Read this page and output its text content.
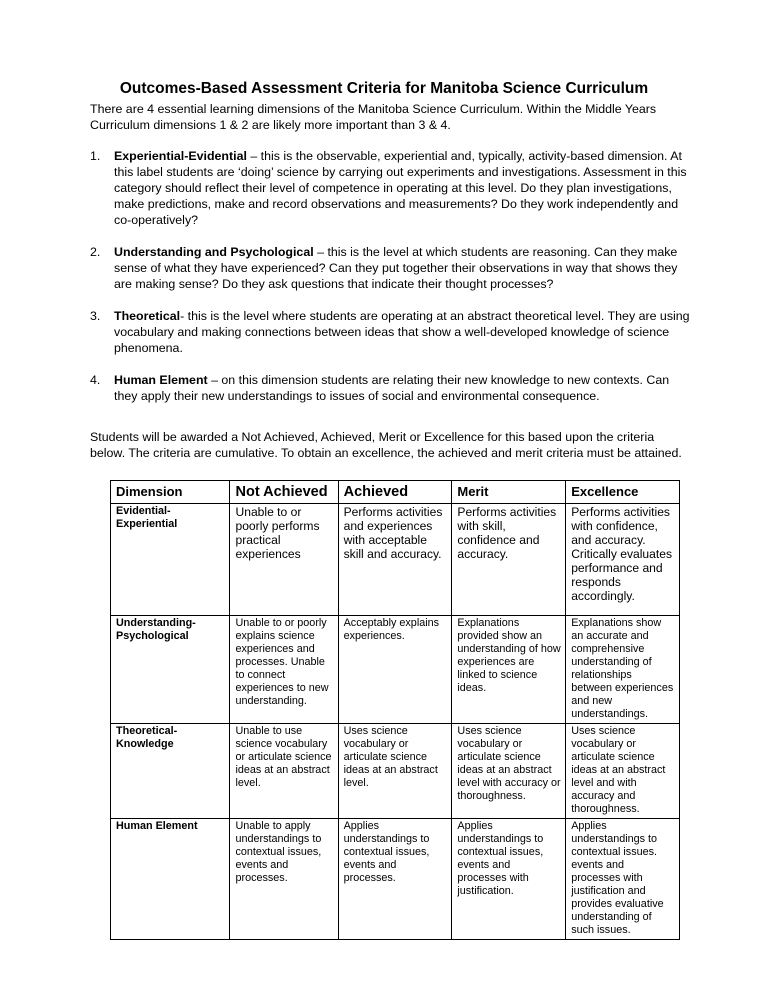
Outcomes-Based Assessment Criteria for Manitoba Science Curriculum

There are 4 essential learning dimensions of the Manitoba Science Curriculum. Within the Middle Years Curriculum dimensions 1 & 2 are likely more important than 3 & 4.

1. Experiential-Evidential – this is the observable, experiential and, typically, activity-based dimension. At this label students are ‘doing’ science by carrying out experiments and investigations. Assessment in this category should reflect their level of competence in operating at this level. Do they plan investigations, make predictions, make and record observations and measurements? Do they work independently and co-operatively?
2. Understanding and Psychological – this is the level at which students are reasoning. Can they make sense of what they have experienced? Can they put together their observations in way that shows they are making sense? Do they ask questions that indicate their thought processes?
3. Theoretical- this is the level where students are operating at an abstract theoretical level. They are using vocabulary and making connections between ideas that show a well-developed knowledge of science phenomena.
4. Human Element – on this dimension students are relating their new knowledge to new contexts. Can they apply their new understandings to issues of social and environmental consequence.

Students will be awarded a Not Achieved, Achieved, Merit or Excellence for this based upon the criteria below. The criteria are cumulative. To obtain an excellence, the achieved and merit criteria must be attained.

Dimension	Not Achieved	Achieved	Merit	Excellence
Evidential-Experiential	Unable to or poorly performs practical experiences	Performs activities and experiences with acceptable skill and accuracy.	Performs activities with skill, confidence and accuracy.	Performs activities with confidence, and accuracy. Critically evaluates performance and responds accordingly.
Understanding-Psychological	Unable to or poorly explains science experiences and processes. Unable to connect experiences to new understanding.	Acceptably explains experiences.	Explanations provided show an understanding of how experiences are linked to science ideas.	Explanations show an accurate and comprehensive understanding of relationships between experiences and new understandings.
Theoretical-Knowledge	Unable to use science vocabulary or articulate science ideas at an abstract level.	Uses science vocabulary or articulate science ideas at an abstract level.	Uses science vocabulary or articulate science ideas at an abstract level with accuracy or thoroughness.	Uses science vocabulary or articulate science ideas at an abstract level and with accuracy and thoroughness.
Human Element	Unable to apply understandings to contextual issues, events and processes.	Applies understandings to contextual issues, events and processes.	Applies understandings to contextual issues, events and processes with justification.	Applies understandings to contextual issues. events and processes with justification and provides evaluative understanding of such issues.
